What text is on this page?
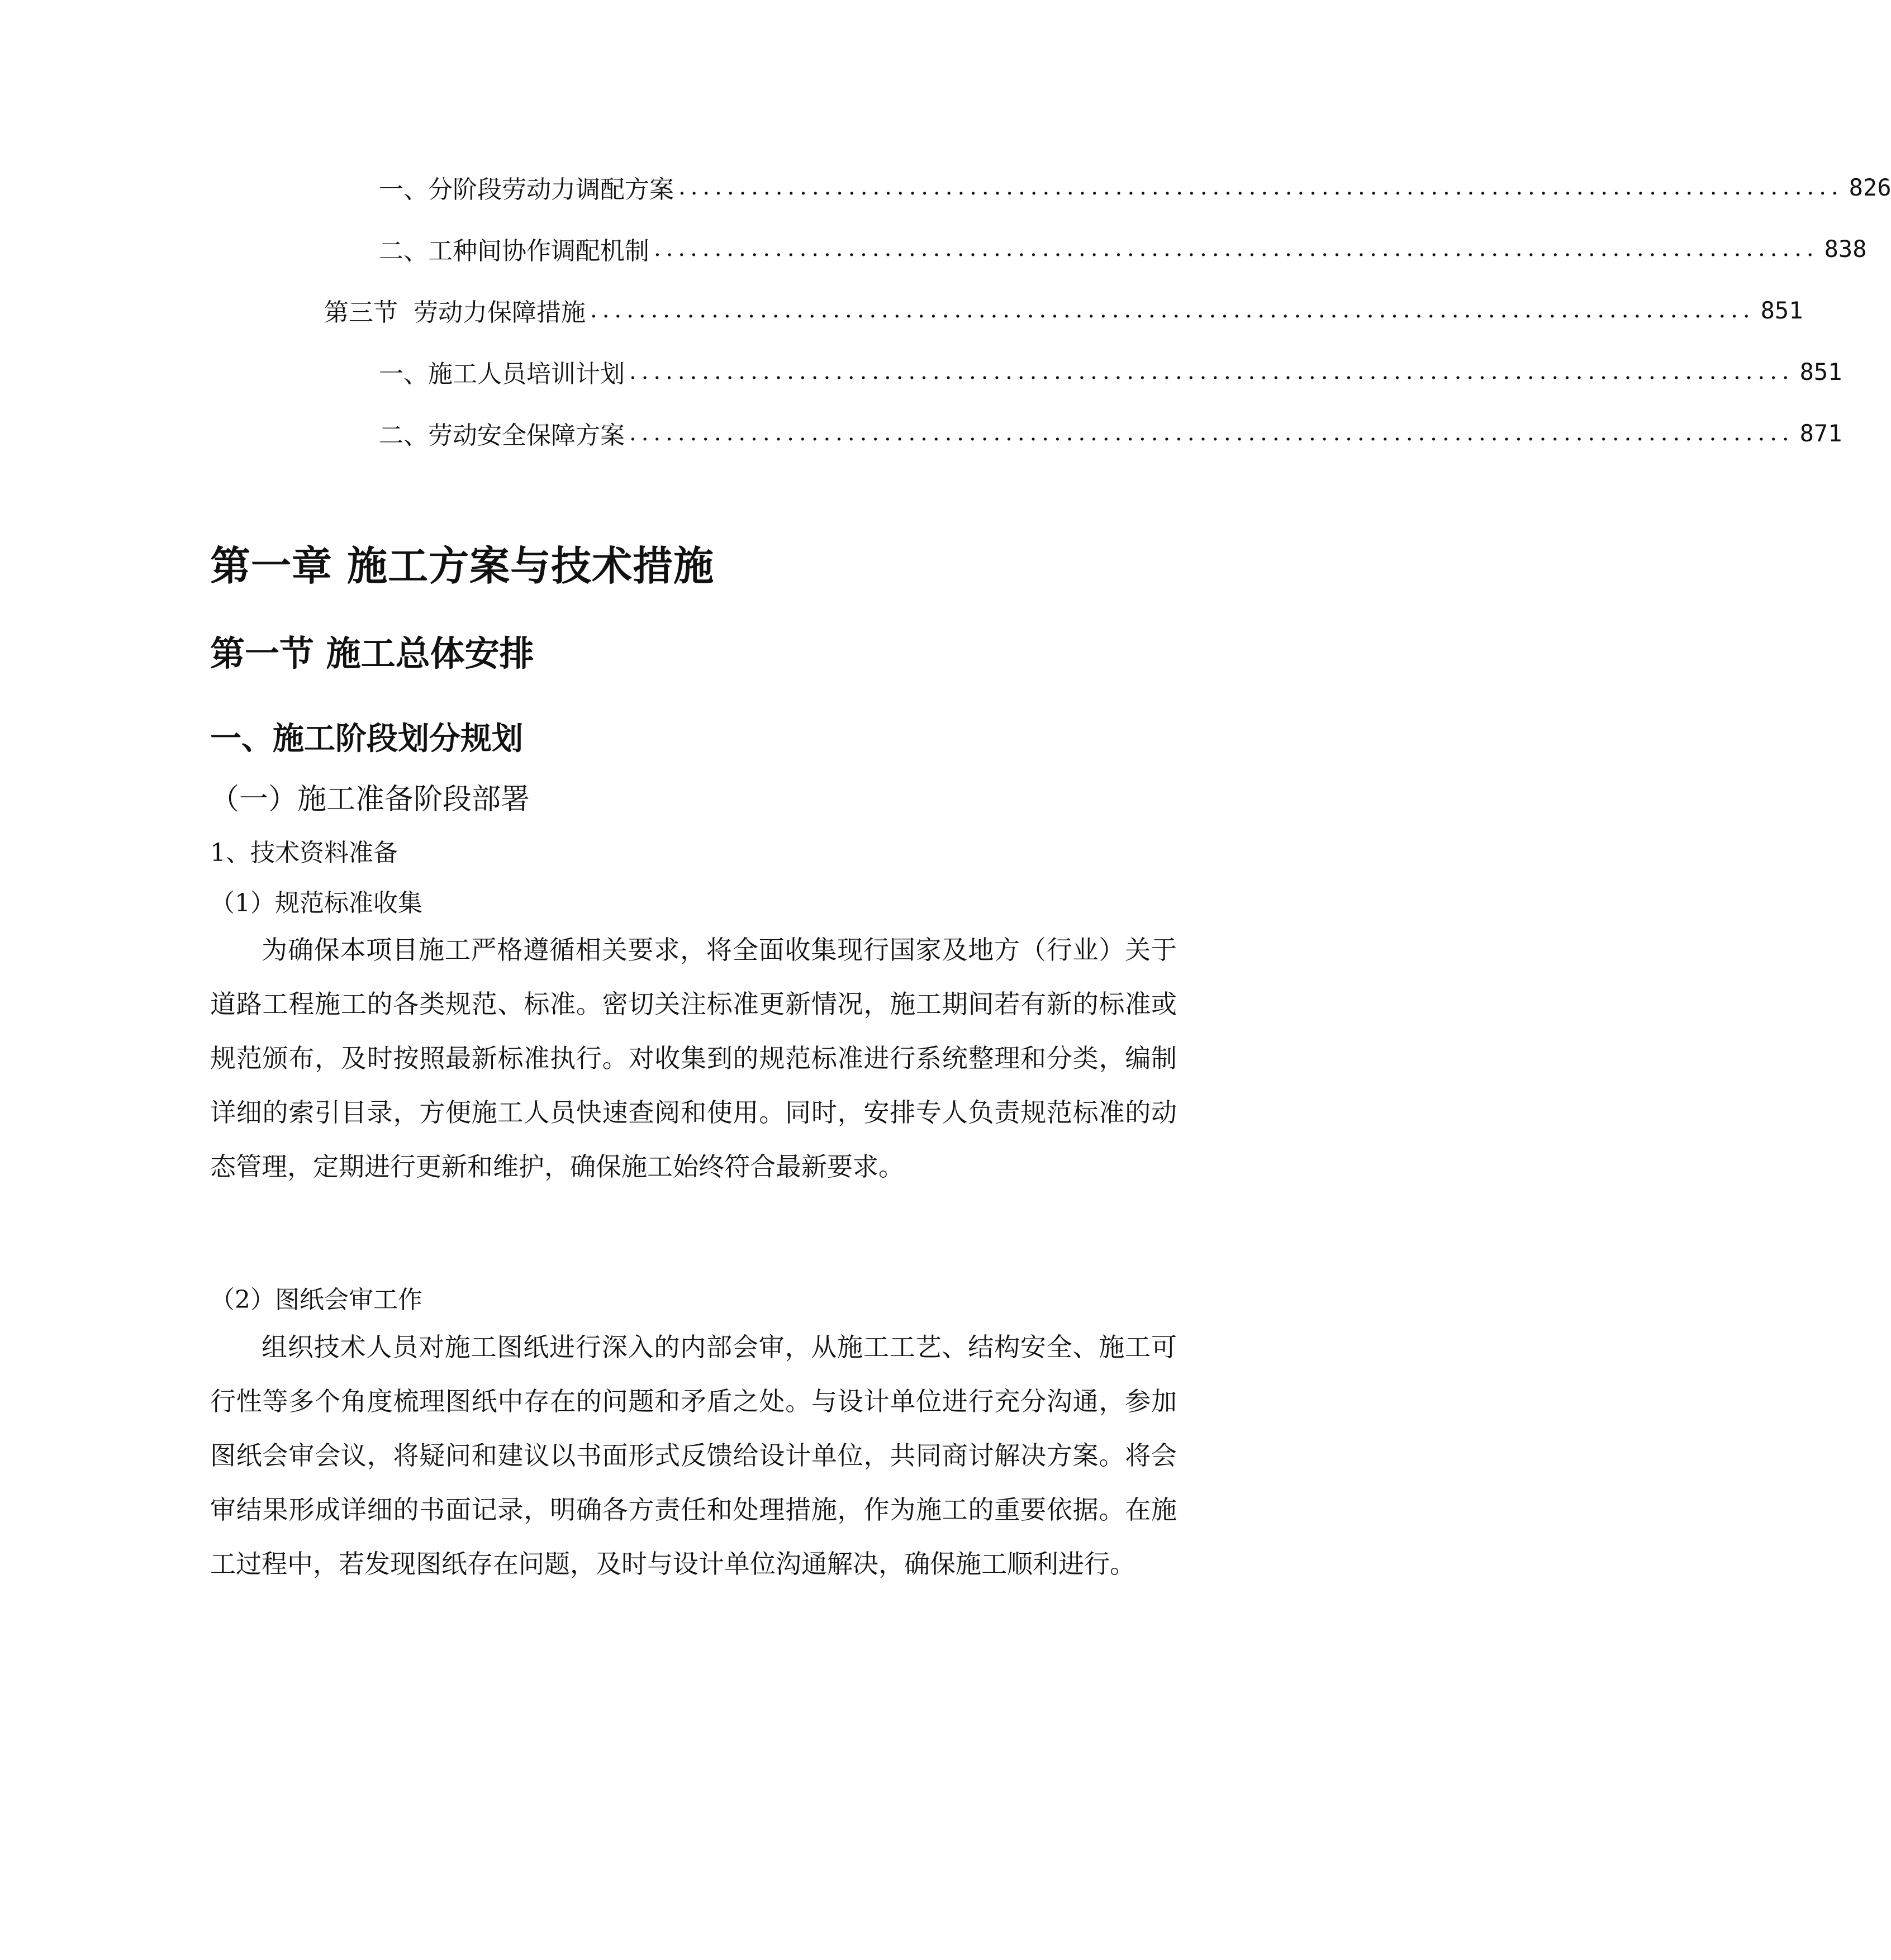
一、 分阶段劳动力调配方案 ................................................................................................ 826
二、 工种间协作调配机制 ................................................................................................ 838
第三节 劳动力保障措施 ................................................................................................ 851
一、 施工人员培训计划 ................................................................................................ 851
二、 劳动安全保障方案 ................................................................................................ 871
第一章 施工方案与技术措施
第一节 施工总体安排
一、施工阶段划分规划
（一）施工准备阶段部署
1、技术资料准备
（1）规范标准收集

为确保本项目施工严格遵循相关要求，将全面收集现行国家及地方（行业）关于道路工程施工的各类规范、标准。密切关注标准更新情况，施工期间若有新的标准或规范颁布，及时按照最新标准执行。对收集到的规范标准进行系统整理和分类，编制详细的索引目录，方便施工人员快速查阅和使用。同时，安排专人负责规范标准的动态管理，定期进行更新和维护，确保施工始终符合最新要求。

（2）图纸会审工作

组织技术人员对施工图纸进行深入的内部会审，从施工工艺、结构安全、施工可行性等多个角度梳理图纸中存在的问题和矛盾之处。与设计单位进行充分沟通，参加图纸会审会议，将疑问和建议以书面形式反馈给设计单位，共同商讨解决方案。将会审结果形成详细的书面记录，明确各方责任和处理措施，作为施工的重要依据。在施工过程中，若发现图纸存在问题，及时与设计单位沟通解决，确保施工顺利进行。
